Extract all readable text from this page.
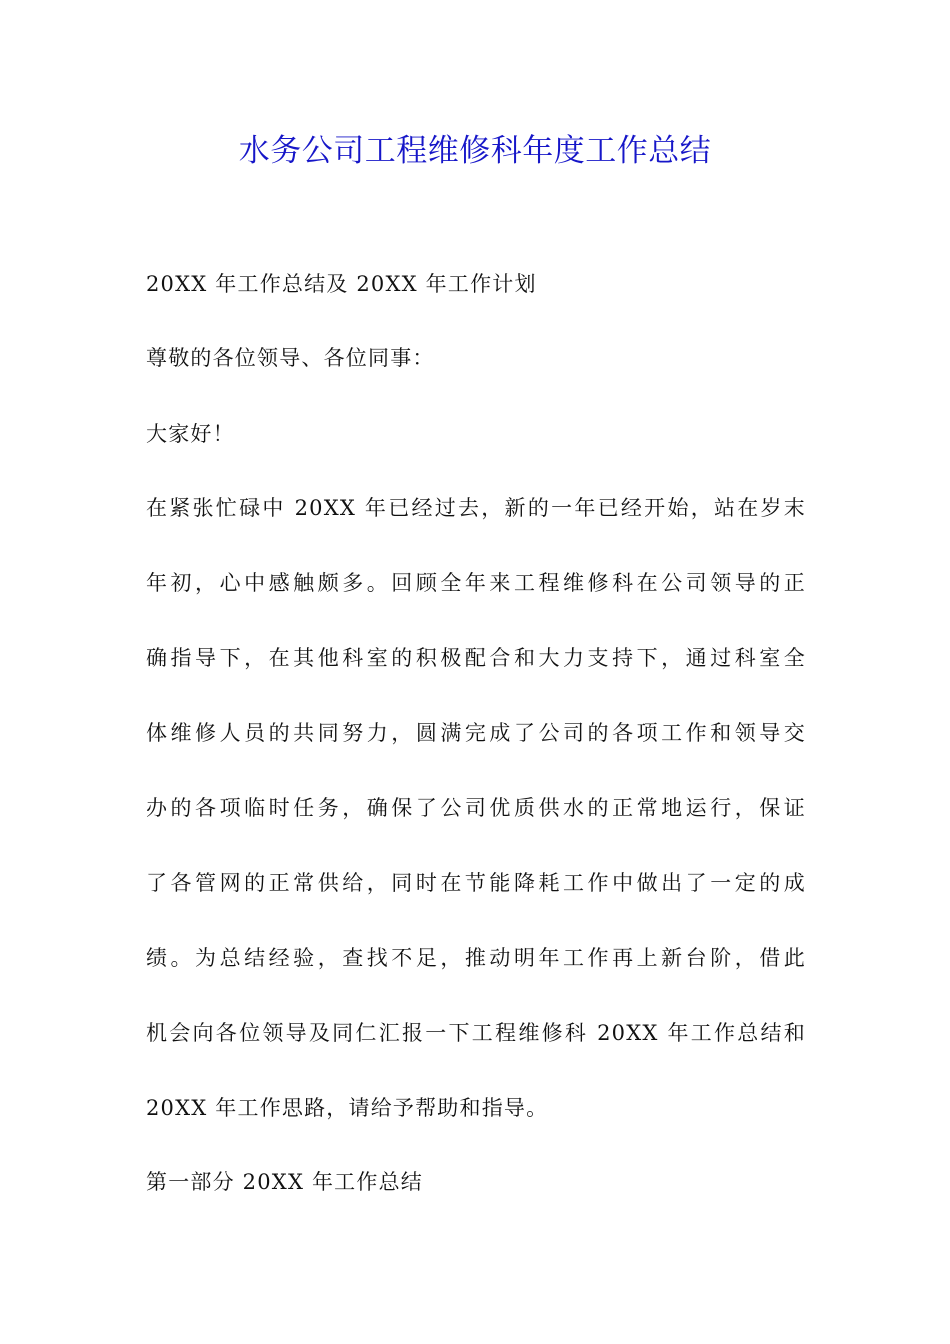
水务公司工程维修科年度工作总结
20XX 年工作总结及 20XX 年工作计划
尊敬的各位领导、各位同事：
大家好！
在紧张忙碌中 20XX 年已经过去，新的一年已经开始，站在岁末
年初，心中感触颇多。回顾全年来工程维修科在公司领导的正
确指导下，在其他科室的积极配合和大力支持下，通过科室全
体维修人员的共同努力，圆满完成了公司的各项工作和领导交
办的各项临时任务，确保了公司优质供水的正常地运行，保证
了各管网的正常供给，同时在节能降耗工作中做出了一定的成
绩。为总结经验，查找不足，推动明年工作再上新台阶，借此
机会向各位领导及同仁汇报一下工程维修科 20XX 年工作总结和
20XX 年工作思路，请给予帮助和指导。
第一部分 20XX 年工作总结
